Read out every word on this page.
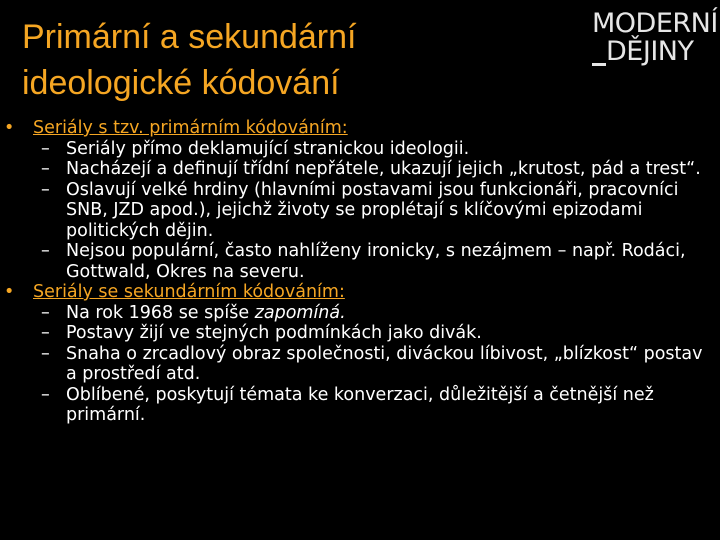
Primární a sekundární
ideologické kódování
MODERNÍ
DĚJINY

•	Seriály s tzv. primárním kódováním:

– Seriály přímo deklamující stranickou ideologii.

– Nacházejí a definují třídní nepřátele, ukazují jejich „krutost, pád a trest“.

– Oslavují velké hrdiny (hlavními postavami jsou funkcionáři, pracovníci SNB, JZD apod.), jejichž životy se proplétají s klíčovými epizodami politických dějin.

– Nejsou populární, často nahlíženy ironicky, s nezájmem – např. Rodáci, Gottwald, Okres na severu.

•	Seriály se sekundárním kódováním:

– Na rok 1968 se spíše zapomíná.

– Postavy žijí ve stejných podmínkách jako divák.

– Snaha o zrcadlový obraz společnosti, diváckou líbivost, „blízkost“ postav a prostředí atd.

– Oblíbené, poskytují témata ke konverzaci, důležitější a četnější než primární.
